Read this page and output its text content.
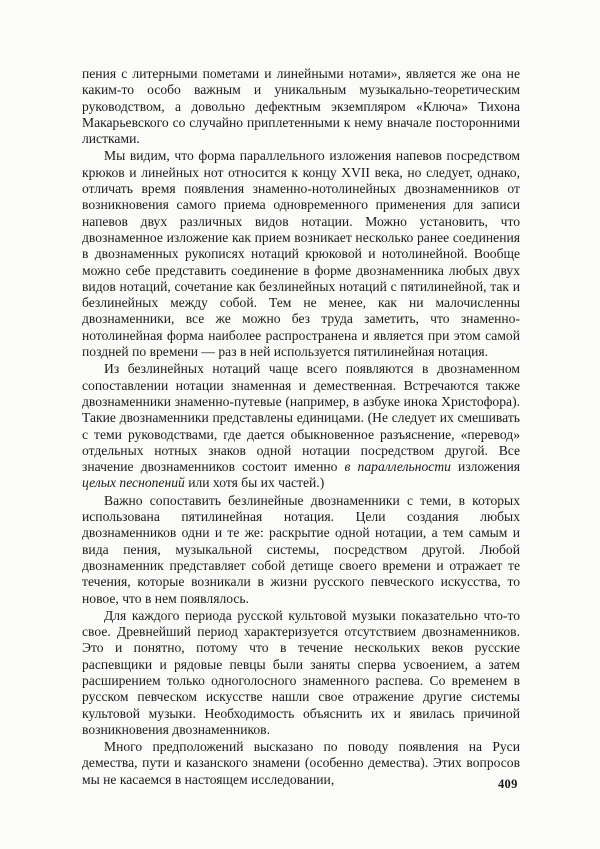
пения с литерными пометами и линейными нотами», является же она не каким-то особо важным и уникальным музыкально-теоретическим руководством, а довольно дефектным экземпляром «Ключа» Тихона Макарьевского со случайно приплетенными к нему вначале посторонними листками.

Мы видим, что форма параллельного изложения напевов посредством крюков и линейных нот относится к концу XVII века, но следует, однако, отличать время появления знаменно-нотолинейных двознаменников от возникновения самого приема одновременного применения для записи напевов двух различных видов нотации. Можно установить, что двознаменное изложение как прием возникает несколько ранее соединения в двознаменных рукописях нотаций крюковой и нотолинейной. Вообще можно себе представить соединение в форме двознаменника любых двух видов нотаций, сочетание как безлинейных нотаций с пятилинейной, так и безлинейных между собой. Тем не менее, как ни малочисленны двознаменники, все же можно без труда заметить, что знаменно-нотолинейная форма наиболее распространена и является при этом самой поздней по времени — раз в ней используется пятилинейная нотация.

Из безлинейных нотаций чаще всего появляются в двознаменном сопоставлении нотации знаменная и демественная. Встречаются также двознаменники знаменно-путевые (например, в азбуке инока Христофора). Такие двознаменники представлены единицами. (Не следует их смешивать с теми руководствами, где дается обыкновенное разъяснение, «перевод» отдельных нотных знаков одной нотации посредством другой. Все значение двознаменников состоит именно в параллельности изложения целых песнопений или хотя бы их частей.)

Важно сопоставить безлинейные двознаменники с теми, в которых использована пятилинейная нотация. Цели создания любых двознаменников одни и те же: раскрытие одной нотации, а тем самым и вида пения, музыкальной системы, посредством другой. Любой двознаменник представляет собой детище своего времени и отражает те течения, которые возникали в жизни русского певческого искусства, то новое, что в нем появлялось.

Для каждого периода русской культовой музыки показательно что-то свое. Древнейший период характеризуется отсутствием двознаменников. Это и понятно, потому что в течение нескольких веков русские распевщики и рядовые певцы были заняты сперва усвоением, а затем расширением только одноголосного знаменного распева. Со временем в русском певческом искусстве нашли свое отражение другие системы культовой музыки. Необходимость объяснить их и явилась причиной возникновения двознаменников.

Много предположений высказано по поводу появления на Руси демества, пути и казанского знамени (особенно демества). Этих вопросов мы не касаемся в настоящем исследовании,	409
